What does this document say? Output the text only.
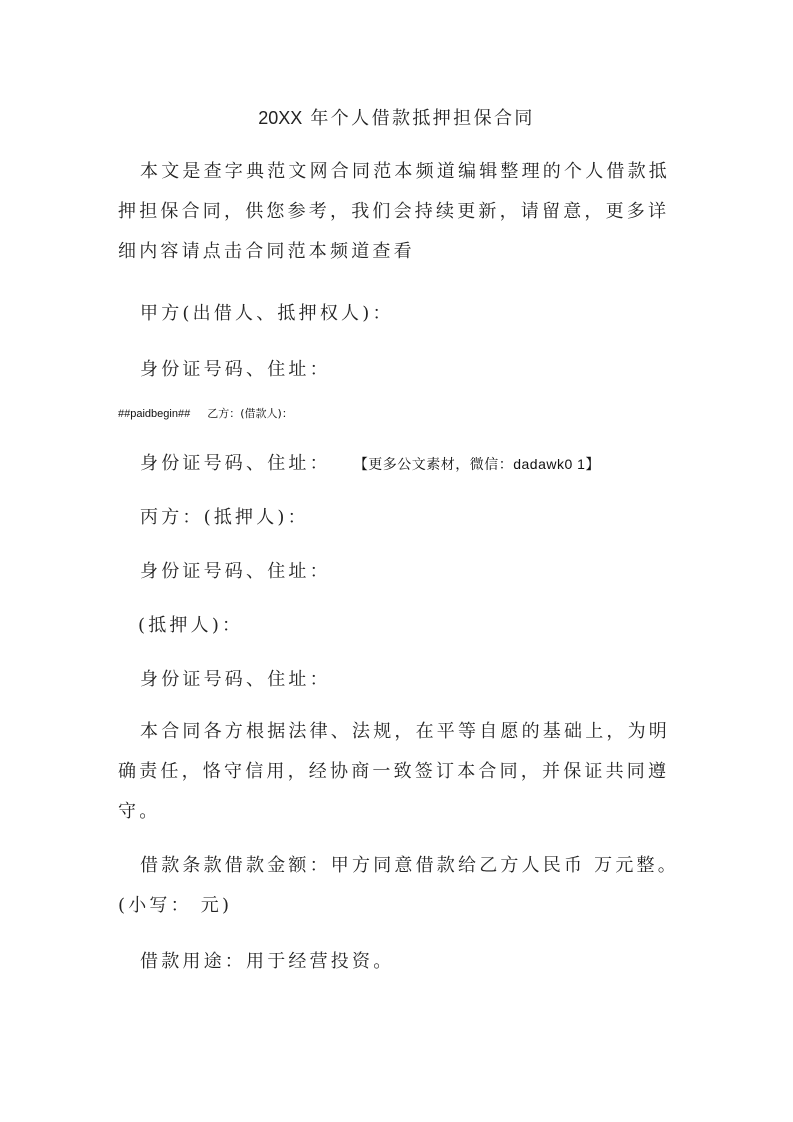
20XX 年个人借款抵押担保合同
本文是查字典范文网合同范本频道编辑整理的个人借款抵押担保合同，供您参考，我们会持续更新，请留意，更多详细内容请点击合同范本频道查看
甲方(出借人、抵押权人)：
身份证号码、住址：
##paidbegin## 乙方：(借款人)：
身份证号码、住址： 【更多公文素材，微信：dadawk0 1】
丙方：(抵押人)：
身份证号码、住址：
(抵押人)：
身份证号码、住址：
本合同各方根据法律、法规，在平等自愿的基础上，为明确责任，恪守信用，经协商一致签订本合同，并保证共同遵守。
借款条款借款金额：甲方同意借款给乙方人民币 万元整。
(小写： 元)
借款用途：用于经营投资。
